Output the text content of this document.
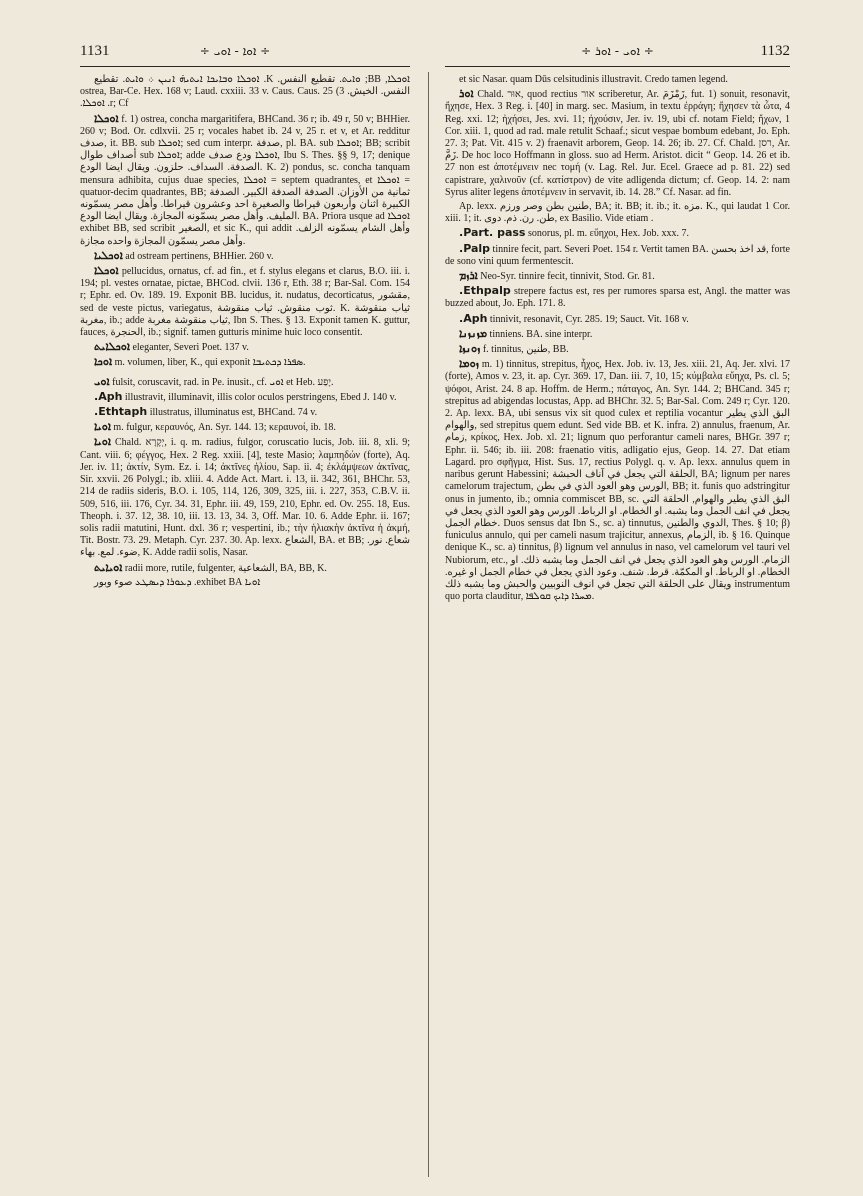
1131	÷ ܐܘܐ - ܐܘܝ ÷	÷ ܐܘܝ - ܐܘܪ ÷	1132

ܐܘܟܠܐ, BB; ܘܐܝܬ. تقطيع النفس. K. ܐܘܟܠܐ ܘܒܐܝܟܐ ܐܝܬܝܗ̇ ܐܢܝܢ ܀ ܘܐܝܬ. تقطيع النفس. الخيش. 3) ostrea, Bar-Ce. Hex. 168 v; Laud. cxxiii. 33 v. Caus. Caus. 25 r; Cf. ܐܘܟܠܐ.

ܐܘܟܠܐ f. 1) ostrea, concha margaritifera, BHCand. 36 r; ib. 49 r, 50 v; BHHier. 260 v; Bod. Or. cdlxvii. 25 r; vocales habet ib. 24 v, 25 r. et v, et Ar. redditur صدف, it. BB. sub ܐܘܟܠܐ; sed cum interpr. صدفة, pl. BA. sub ܐܘܟܠܐ; BB; scribit أصداف طوال sub ܐܘܟܠܐ; adde ܐܘܟܠܐ ودع صدف, Ibu S. Thes. §§ 9, 17; denique الصدفة. السداف. حلزون. ويقال ايضا الودع. K. 2) pondus, sc. concha tanquam mensura adhibita, cujus duae species, ܐܘܟܠܐ = septem quadrantes, et ܐܘܟܠܐ = quatuor-decim quadrantes, BB; ثمانية من الأوزان. الصدفة الصدفة الكبير. الصدفة الكبيرة اثنان وأربعون قيراطا والصغيرة احد وعشرون قيراطا. وأهل مصر يسمّونه المليف. وأهل مصر يسمّونه المجازة. ويقال ايضا الودع. BA. Priora usque ad ܐܘܟܠܐ exhibet BB, sed scribit الصغير, et sic K., qui addit وأهل الشام يسمّونه الزلف. وأهل مصر يسمّون المجازة واحده مجازة.

ܐܘܟܠܝܐ ad ostream pertinens, BHHier. 260 v.

ܐܘܟܠܐ pellucidus, ornatus, cf. ad fin., et f. stylus elegans et clarus, B.O. iii. i. 194; pl. vestes ornatae, pictae, BHCod. clvii. 136 r, Eth. 38 r; Bar-Sal. Com. 154 r; Ephr. ed. Ov. 189. 19. Exponit BB. lucidus, it. nudatus, decorticatus, مقشور, sed de veste pictus, variegatus, ثوب منقوش. ثياب منقوشة. K. ثياب منقوشة مغربة, ib.; adde ثياب منقوشة مغربة, Ibn S. Thes. § 13. Exponit tamen K. guttur, fauces, الحنجرة, ib.; signif. tamen gutturis minime huic loco consentit.

ܐܘܟܠܐܝܬ eleganter, Severi Poet. 137 v.

ܐܘܟܐ m. volumen, liber, K., qui exponit ܣܦܪܐ ܕܟܬܝܒܐ.

ܐܘܝ fulsit, coruscavit, rad. in Pe. inusit., cf. ܐܘܝ et Heb. יָפַע.

Aph. illustravit, illuminavit, illis color oculos perstringens, Ebed J. 140 v.

Ethtaph. illustratus, illuminatus est, BHCand. 74 v.

ܐܘܝܐ m. fulgur, κεραυνός, An. Syr. 144. 13; κεραυνοί, ib. 18.

ܐܘܝܐ Chald. יְקָרָא, i. q. m. radius, fulgor, coruscatio lucis, Job. iii. 8, xli. 9; Cant. viii. 6; φέγγος, Hex. 2 Reg. xxiii. [4], teste Masio; λαμπηδών (forte), Aq. Jer. iv. 11; ἀκτίν, Sym. Ez. i. 14; ἀκτῖνες ἡλίου, Sap. ii. 4; ἐκλάμψεων ἀκτῖνας, Sir. xxvii. 26 Polygl.; ib. xliii. 4. Adde Act. Mart. i. 13, ii. 342, 361, BHChr. 53, 214 de radiis sideris, B.O. i. 105, 114, 126, 309, 325, iii. i. 227, 353, C.B.V. ii. 509, 516, iii. 176, Cyr. 34. 31, Ephr. iii. 49, 159, 210, Ephr. ed. Ov. 255. 18, Eus. Theoph. i. 37. 12, 38. 10, iii. 13. 13, 34. 3, Off. Mar. 10. 6. Adde Ephr. ii. 167; solis radii matutini, Hunt. dxl. 36 r; vespertini, ib.; τὴν ἡλιακὴν ἀκτῖνα ἡ ἀκμή, Tit. Bostr. 73. 29. Metaph. Cyr. 237. 30. Ap. lexx. الشعاع, BA. et BB; شعاع. نور. ضوء. لمع. بهاء, K. Adde radii solis, Nasar.

ܐܘܝܐܝܬ radii more, rutile, fulgenter, الشعاعية, BA, BB, K.

ܐܘܝܐ exhibet BA. ܕܥܘܪܐ ܕܝܣܛܥ صوء وبور

et sic Nasar. quam Dūs celsitudinis illustravit. Credo tamen legend.

ܐܘܪ Chald. אוּר, quod rectius אור scriberetur, Ar. زَمْزَمَ, fut. 1) sonuit, resonavit, ἤχησε, Hex. 3 Reg. i. [40] in marg. sec. Masium, in textu ἐρράγη; ἤχησεν τὰ ὦτα, 4 Reg. xxi. 12; ἠχήσει, Jes. xvi. 11; ἠχούσιν, Jer. iv. 19, ubi cf. notam Field; ἤχων, 1 Cor. xiii. 1, quod ad rad. male retulit Schaaf.; sicut vespae bombum edebant, Jo. Eph. 27. 3; Pat. Vit. 415 v. 2) fraenavit arborem, Geop. 14. 26; ib. 27. Cf. Chald. רסן, Ar. زَمَّ. De hoc loco Hoffmann in gloss. suo ad Herm. Aristot. dicit “ Geop. 14. 26 et ib. 27 non est ἀποτέμνειν nec τομή (v. Lag. Rel. Jur. Ecel. Graece ad p. 81. 22) sed capistrare, χαλινοῦν (cf. κατίστρον) de vite adligenda dictum; cf. Geop. 14. 2: nam Syrus aliter legens ἀποτέμνειν in servavit, ib. 14. 28.” Cf. Nasar. ad fin.

Ap. lexx. طنين بطن وصر ورزم, BA; it. BB; it. ib.; it. مزه. K., qui laudat 1 Cor. xiii. 1; it. طن. رن. ذم. دوى, ex Basilio. Vide etiam .

Part. pass. sonorus, pl. m. εὔηχοι, Hex. Job. xxx. 7.

Palp. tinnire fecit, part. Severi Poet. 154 r. Vertit tamen BA. قد اخذ بحسن, forte de sono vini quum fermentescit.

ܐܪܙܡ Neo-Syr. tinnire fecit, tinnivit, Stod. Gr. 81.

Ethpalp. strepere factus est, res per rumores sparsa est, Angl. the matter was buzzed about, Jo. Eph. 171. 8.

Aph. tinnivit, resonavit, Cyr. 285. 19; Sauct. Vit. 168 v.

ܡܙܢܙܢܐ tinniens. BA. sine interpr.

ܙܘܢܙܐ f. tinnitus, طنين, BB.

ܙܘܡܐ m. 1) tinnitus, strepitus, ἦχος, Hex. Job. iv. 13, Jes. xiii. 21, Aq. Jer. xlvi. 17 (forte), Amos v. 23, it. ap. Cyr. 369. 17, Dan. iii. 7, 10, 15; κύμβαλα εὔηχα, Ps. cl. 5; ψόφοι, Arist. 24. 8 ap. Hoffm. de Herm.; πάταγος, An. Syr. 144. 2; BHCand. 345 r; strepitus ad abigendas locustas, App. ad BHChr. 32. 5; Bar-Sal. Com. 249 r; Cyr. 120. 2. Ap. lexx. BA, ubi sensus vix sit quod culex et reptilia vocantur البق الذي يطير والهوام, sed strepitus quem edunt. Sed vide BB. et K. infra. 2) annulus, fraenum, Ar. زمام, κρίκος, Hex. Job. xl. 21; lignum quo perforantur cameli nares, BHGr. 397 r; Ephr. ii. 546; ib. iii. 208: fraenatio vitis, adligatio ejus, Geop. 14. 27. Dat etiam Lagard. pro σφῆγμα, Hist. Sus. 17, rectius Polygl. q. v. Ap. lexx. annulus quem in naribus gerunt Habessini; الحلقة التي يجعل في آناف الحبشة, BA; lignum per nares camelorum trajectum, الورس وهو العود الذي في بطن, BB; it. funis quo adstringitur onus in jumento, ib.; omnia commiscet BB, sc. البق الذي يطير والهوام, الحلقة التي يجعل في انف الجمل وما يشبه. او الخطام. او الرباط. الورس وهو العود الذي يجعل في خطام الجمل. Duos sensus dat Ibn S., sc. a) tinnutus, الدوي والطنين, Thes. § 10; β) funiculus annulo, qui per cameli nasum trajicitur, annexus, الزمام, ib. § 16. Quinque denique K., sc. a) tinnitus, β) lignum vel annulus in naso, vel camelorum vel tauri vel Nubiorum, etc., الزمام. الورس وهو العود الذي يجعل في انف الجمل وما يشبه ذلك. او الخطام. او الرباط. او المكمّة. قرط. شنف. وعود الذي يجعل في خطام الجمل او غيره. ويقال على الحلقة التي تجعل في انوف النوبيين والحبش وما يشبه ذلك instrumentum quo porta clauditur, ܡܚܪܐ ܕܐܝܟ ܩܘܠܦܐ.
